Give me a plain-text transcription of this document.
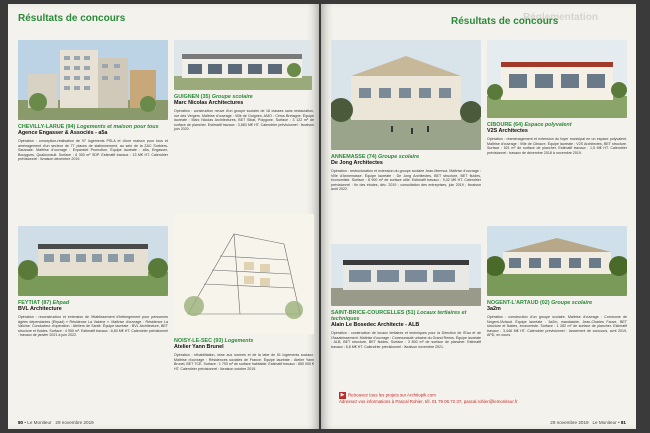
Résultats de concours
CHEVILLY-LARUE (94) Logements et maison pour tous
Agence Engasser & Associés - a5a
Opération : conception-réalisation de 97 logements PSLA et d'une maison pour tous et aménagement d'un secteur de 77 places de stationnement, au sein de la ZAC Sorbiers-Saussaie. Maîtrise d'ouvrage : Expansiel Promotion. Équipe lauréate : a5a, Engasser, Bouygues, Qualiconsult. Surface : 6 300 m² SDP. Estimatif travaux : 13 M€ HT. Calendrier prévisionnel : livraison décembre 2019.
GUIGNEN (35) Groupe scolaire
Marc Nicolas Architectures
Opération : construction neuve d'un groupe scolaire de 16 classes sans restauration, rue des Vergers. Maîtrise d'ouvrage : Ville de Guignen. AMO : Cirrus Bretagne. Équipe lauréate : Marc Nicolas Architectures, BET Sibat, Polygone. Surface : 3 122 m² de surface de plancher. Estimatif travaux : 3,883 M€ HT. Calendrier prévisionnel : livraison juin 2020.
FEYTIAT (87) Ehpad
BVL Architecture
Opération : reconstruction et extension de l'établissement d'hébergement pour personnes âgées dépendantes (Ehpad) « Résidence La Valoine ». Maîtrise d'ouvrage : Résidence La Valoine. Conducteur d'opération : Ateliers de Santé. Équipe lauréate : BVL Architecture, BET structure et fluides. Surface : 4 950 m². Estimatif travaux : 8,83 M€ HT. Calendrier prévisionnel : travaux de janvier 2021 à juin 2022.
NOISY-LE-SEC (93) Logements
Atelier Yann Brunel
Opération : réhabilitation, mise aux normes et de la tabe de 51 logements sociaux. Maîtrise d'ouvrage : Résidences sociales de France. Équipe lauréate : Atelier Yann Brunel, BET TCE. Surface : 1 793 m² de surface habitable. Estimatif travaux : 850 000 € HT. Calendrier prévisionnel : livraison octobre 2019.
80 • Le Moniteur 29 novembre 2019
Réglementation
Résultats de concours
ANNEMASSE (74) Groupe scolaire
De Jong Architectes
Opération : restructuration et extension du groupe scolaire Jean-Mermoz. Maîtrise d'ouvrage : Ville d'Annemasse. Équipe lauréate : De Jong Architectes, BET structure, BET fluides, économiste. Surface : 8 900 m² de surface utile. Estimatif travaux : 9,42 M€ HT. Calendrier prévisionnel : fin des études, déc. 2019 ; consultation des entreprises, juin 2019 ; livraison août 2022.
CIBOURE (64) Espace polyvalent
V2S Architectes
Opération : réaménagement et extension du foyer municipal en un espace polyvalent. Maîtrise d'ouvrage : Ville de Ciboure. Équipe lauréate : V2S Architectes, BET structure. Surface : 521 m² de surface de plancher. Estimatif travaux : 1,5 M€ HT. Calendrier prévisionnel : travaux de décembre 2018 à novembre 2019.
SAINT-BRICE-COURCELLES (51) Locaux tertiaires et techniques
Alain Le Bosedec Architecte - ALB
Opération : construction de locaux tertiaires et techniques pour la Direction de l'Eau et de l'Assainissement. Maîtrise d'ouvrage : Communauté urbaine du Grand Reims. Équipe lauréate : ALB, BET structure, BET fluides. Surface : 3 800 m² de surface de plancher. Estimatif travaux : 5,8 M€ HT. Calendrier prévisionnel : livraison novembre 2021.
NOGENT-L'ARTAUD (02) Groupe scolaire
3a2m
Opération : construction d'un groupe scolaire. Maîtrise d'ouvrage : Commune de Nogent-l'Artaud. Équipe lauréate : 3a2m, mandataire, Jean-Charles Fauve, BET structure et fluides, économiste. Surface : 1 282 m² de surface de plancher. Estimatif travaux : 3,446 M€ HT. Calendrier prévisionnel : lancement de concours, avril 2019, APD, en cours.
▶ Retrouvez tous les projets sur Architopik.com
Adressez vos informations à Pascal Rohier, tél. 01 79 06 72 37, pascal.rohier@lemoniteur.fr
29 novembre 2019 Le Moniteur • 81
